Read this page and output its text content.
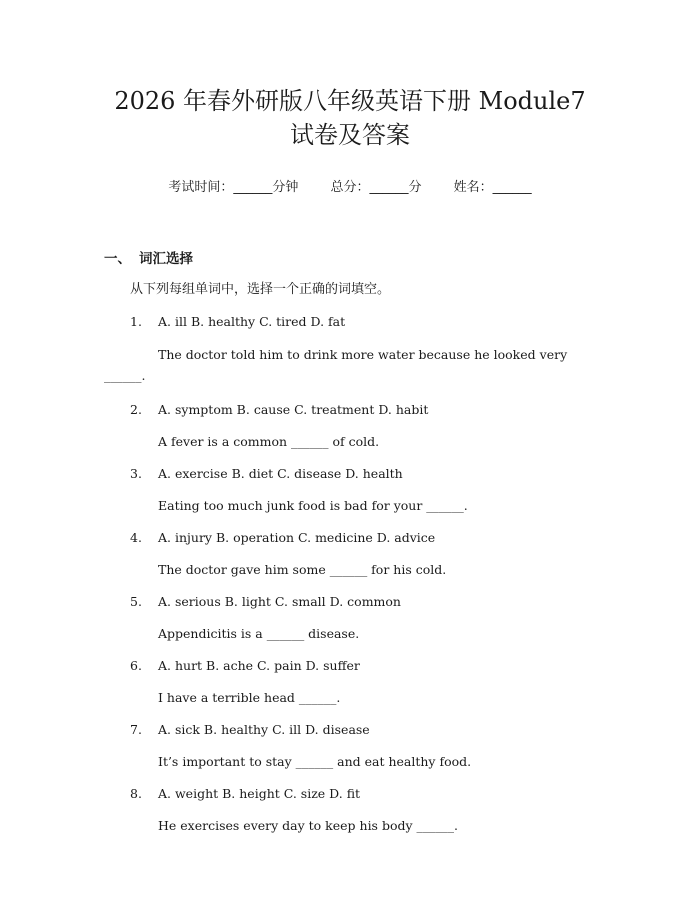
2026 年春外研版八年级英语下册 Module7 试卷及答案
考试时间：______分钟 总分：______分 姓名：______
一、 词汇选择
从下列每组单词中，选择一个正确的词填空。
1. A. ill B. healthy C. tired D. fat
The doctor told him to drink more water because he looked very ______.
2. A. symptom B. cause C. treatment D. habit
A fever is a common ______ of cold.
3. A. exercise B. diet C. disease D. health
Eating too much junk food is bad for your ______.
4. A. injury B. operation C. medicine D. advice
The doctor gave him some ______ for his cold.
5. A. serious B. light C. small D. common
Appendicitis is a ______ disease.
6. A. hurt B. ache C. pain D. suffer
I have a terrible head ______.
7. A. sick B. healthy C. ill D. disease
It’s important to stay ______ and eat healthy food.
8. A. weight B. height C. size D. fit
He exercises every day to keep his body ______.
